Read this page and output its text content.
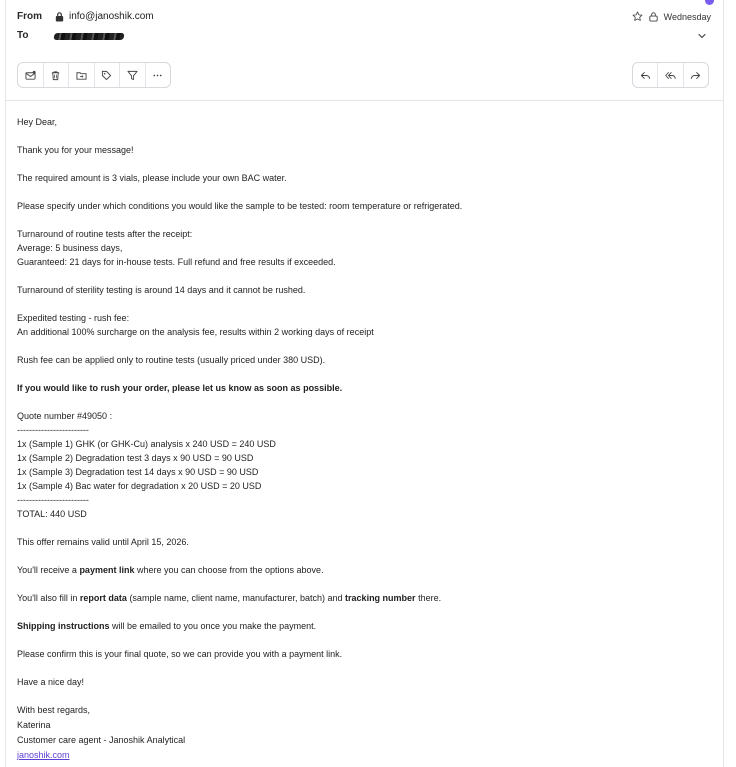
From	info@janoshik.com
To
Wednesday

Hey Dear,

Thank you for your message!

The required amount is 3 vials, please include your own BAC water.

Please specify under which conditions you would like the sample to be tested: room temperature or refrigerated.

Turnaround of routine tests after the receipt:

Average: 5 business days,

Guaranteed: 21 days for in-house tests. Full refund and free results if exceeded.

Turnaround of sterility testing is around 14 days and it cannot be rushed.

Expedited testing - rush fee:

An additional 100% surcharge on the analysis fee, results within 2 working days of receipt

Rush fee can be applied only to routine tests (usually priced under 380 USD).

If you would like to rush your order, please let us know as soon as possible.

Quote number #49050 :

------------------------

1x (Sample 1) GHK (or GHK-Cu) analysis x 240 USD = 240 USD

1x (Sample 2) Degradation test 3 days x 90 USD = 90 USD

1x (Sample 3) Degradation test 14 days x 90 USD = 90 USD

1x (Sample 4) Bac water for degradation x 20 USD = 20 USD

------------------------

TOTAL: 440 USD

This offer remains valid until April 15, 2026.

You'll receive a payment link where you can choose from the options above.

You'll also fill in report data (sample name, client name, manufacturer, batch) and tracking number there.

Shipping instructions will be emailed to you once you make the payment.

Please confirm this is your final quote, so we can provide you with a payment link.

Have a nice day!

With best regards,

Katerina

Customer care agent - Janoshik Analytical

janoshik.com
